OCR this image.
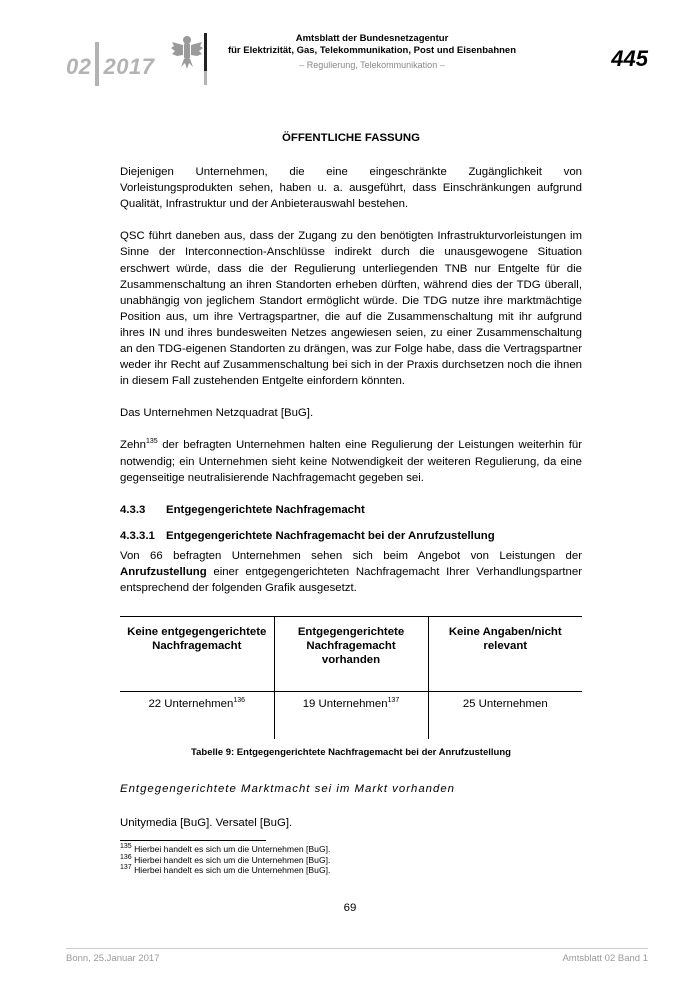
02 2017
Amtsblatt der Bundesnetzagentur
für Elektrizität, Gas, Telekommunikation, Post und Eisenbahnen
– Regulierung, Telekommunikation –	445
ÖFFENTLICHE FASSUNG

Diejenigen Unternehmen, die eine eingeschränkte Zugänglichkeit von Vorleistungsprodukten sehen, haben u. a. ausgeführt, dass Einschränkungen aufgrund Qualität, Infrastruktur und der Anbieterauswahl bestehen.

QSC führt daneben aus, dass der Zugang zu den benötigten Infrastrukturvorleistungen im Sinne der Interconnection-Anschlüsse indirekt durch die unausgewogene Situation erschwert würde, dass die der Regulierung unterliegenden TNB nur Entgelte für die Zusammenschaltung an ihren Standorten erheben dürften, während dies der TDG überall, unabhängig von jeglichem Standort ermöglicht würde. Die TDG nutze ihre marktmächtige Position aus, um ihre Vertragspartner, die auf die Zusammenschaltung mit ihr aufgrund ihres IN und ihres bundesweiten Netzes angewiesen seien, zu einer Zusammenschaltung an den TDG-eigenen Standorten zu drängen, was zur Folge habe, dass die Vertragspartner weder ihr Recht auf Zusammenschaltung bei sich in der Praxis durchsetzen noch die ihnen in diesem Fall zustehenden Entgelte einfordern könnten.

Das Unternehmen Netzquadrat [BuG].

Zehn$^{135}$ der befragten Unternehmen halten eine Regulierung der Leistungen weiterhin für notwendig; ein Unternehmen sieht keine Notwendigkeit der weiteren Regulierung, da eine gegenseitige neutralisierende Nachfragemacht gegeben sei.

4.3.3 Entgegengerichtete Nachfragemacht
4.3.3.1 Entgegengerichtete Nachfragemacht bei der Anrufzustellung

Von 66 befragten Unternehmen sehen sich beim Angebot von Leistungen der Anrufzustellung einer entgegengerichteten Nachfragemacht Ihrer Verhandlungspartner entsprechend der folgenden Grafik ausgesetzt.

Keine entgegengerichtete Nachfragemacht	Entgegengerichtete Nachfragemacht vorhanden	Keine Angaben/nicht relevant
22 Unternehmen$^{136}$	19 Unternehmen$^{137}$	25 Unternehmen
Tabelle 9: Entgegengerichtete Nachfragemacht bei der Anrufzustellung
Entgegengerichtete Marktmacht sei im Markt vorhanden

Unitymedia [BuG]. Versatel [BuG].

$^{135}$ Hierbei handelt es sich um die Unternehmen [BuG].
$^{136}$ Hierbei handelt es sich um die Unternehmen [BuG].
$^{137}$ Hierbei handelt es sich um die Unternehmen [BuG].
69
Bonn, 25.Januar 2017	Amtsblatt 02 Band 1
